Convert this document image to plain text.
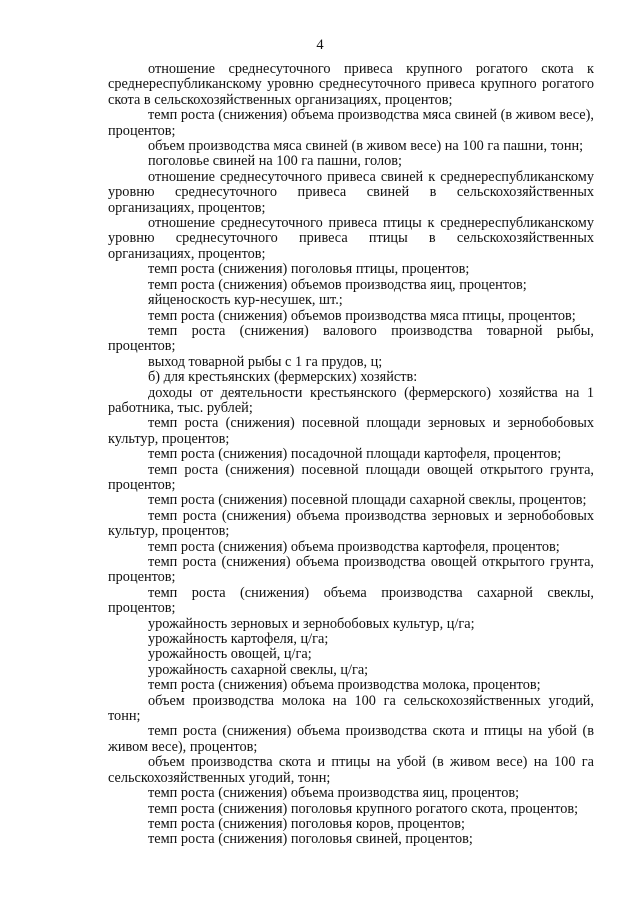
4

отношение среднесуточного привеса крупного рогатого скота к среднереспубликанскому уровню среднесуточного привеса крупного рогатого скота в сельскохозяйственных организациях, процентов;

темп роста (снижения) объема производства мяса свиней (в живом весе), процентов;

объем производства мяса свиней (в живом весе) на 100 га пашни, тонн;

поголовье свиней на 100 га пашни, голов;

отношение среднесуточного привеса свиней к среднереспубликанскому уровню среднесуточного привеса свиней в сельскохозяйственных организациях, процентов;

отношение среднесуточного привеса птицы к среднереспубликанскому уровню среднесуточного привеса птицы в сельскохозяйственных организациях, процентов;

темп роста (снижения) поголовья птицы, процентов;

темп роста (снижения) объемов производства яиц, процентов;

яйценоскость кур-несушек, шт.;

темп роста (снижения) объемов производства мяса птицы, процентов;

темп роста (снижения) валового производства товарной рыбы, процентов;

выход товарной рыбы с 1 га прудов, ц;

б) для крестьянских (фермерских) хозяйств:

доходы от деятельности крестьянского (фермерского) хозяйства на 1 работника, тыс. рублей;

темп роста (снижения) посевной площади зерновых и зернобобовых культур, процентов;

темп роста (снижения) посадочной площади картофеля, процентов;

темп роста (снижения) посевной площади овощей открытого грунта, процентов;

темп роста (снижения) посевной площади сахарной свеклы, процентов;

темп роста (снижения) объема производства зерновых и зернобобовых культур, процентов;

темп роста (снижения) объема производства картофеля, процентов;

темп роста (снижения) объема производства овощей открытого грунта, процентов;

темп роста (снижения) объема производства сахарной свеклы, процентов;

урожайность зерновых и зернобобовых культур, ц/га;

урожайность картофеля, ц/га;

урожайность овощей, ц/га;

урожайность сахарной свеклы, ц/га;

темп роста (снижения) объема производства молока, процентов;

объем производства молока на 100 га сельскохозяйственных угодий, тонн;

темп роста (снижения) объема производства скота и птицы на убой (в живом весе), процентов;

объем производства скота и птицы на убой (в живом весе) на 100 га сельскохозяйственных угодий, тонн;

темп роста (снижения) объема производства яиц, процентов;

темп роста (снижения) поголовья крупного рогатого скота, процентов;

темп роста (снижения) поголовья коров, процентов;

темп роста (снижения) поголовья свиней, процентов;
